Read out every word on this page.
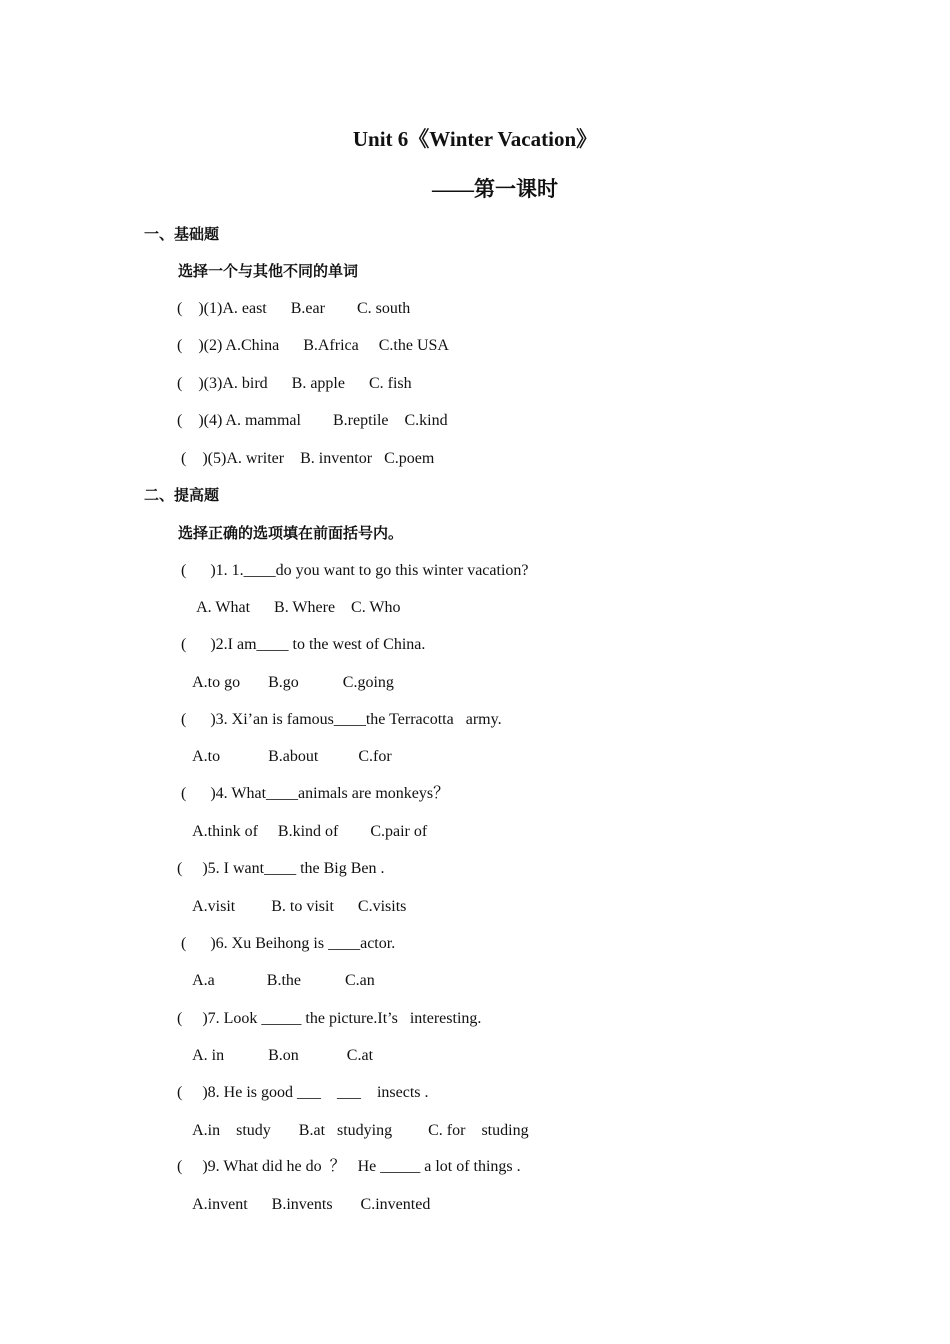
Unit 6《Winter Vacation》
——第一课时
一、基础题
选择一个与其他不同的单词
(    )(1)A. east      B.ear        C. south
(    )(2) A.China      B.Africa     C.the USA
(    )(3)A. bird      B. apple      C. fish
(    )(4) A. mammal        B.reptile    C.kind
(    )(5)A. writer    B. inventor   C.poem
二、提高题
选择正确的选项填在前面括号内。
(      )1. 1.____do you want to go this winter vacation?
A. What      B. Where    C. Who
(      )2.I am____ to the west of China.
A.to go       B.go           C.going
(      )3. Xi’an is famous____the Terracotta   army.
A.to            B.about          C.for
(      )4. What____animals are monkeys？
A.think of     B.kind of        C.pair of
(     )5. I want____ the Big Ben .
A.visit         B. to visit      C.visits
(      )6. Xu Beihong is ____actor.
A.a             B.the           C.an
(     )7. Look _____ the picture.It’s   interesting.
A. in           B.on            C.at
(     )8. He is good ___    ___    insects .
A.in    study       B.at   studying         C. for    studing
(     )9. What did he do  ？   He _____ a lot of things .
A.invent      B.invents       C.invented
